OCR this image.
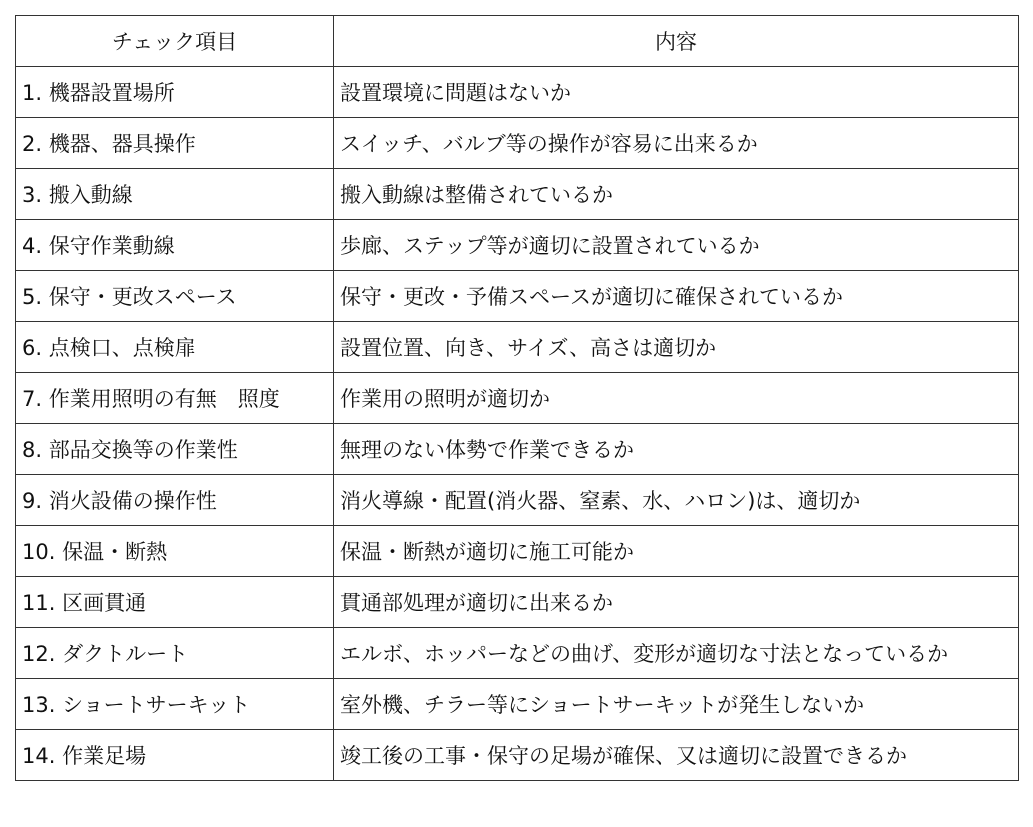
チェック項目	内容
1. 機器設置場所	設置環境に問題はないか
2. 機器、器具操作	スイッチ、バルブ等の操作が容易に出来るか
3. 搬入動線	搬入動線は整備されているか
4. 保守作業動線	歩廊、ステップ等が適切に設置されているか
5. 保守・更改スペース	保守・更改・予備スペースが適切に確保されているか
6. 点検口、点検扉	設置位置、向き、サイズ、高さは適切か
7. 作業用照明の有無　照度	作業用の照明が適切か
8. 部品交換等の作業性	無理のない体勢で作業できるか
9. 消火設備の操作性	消火導線・配置(消火器、窒素、水、ハロン)は、適切か
10. 保温・断熱	保温・断熱が適切に施工可能か
11. 区画貫通	貫通部処理が適切に出来るか
12. ダクトルート	エルボ、ホッパーなどの曲げ、変形が適切な寸法となっているか
13. ショートサーキット	室外機、チラー等にショートサーキットが発生しないか
14. 作業足場	竣工後の工事・保守の足場が確保、又は適切に設置できるか
